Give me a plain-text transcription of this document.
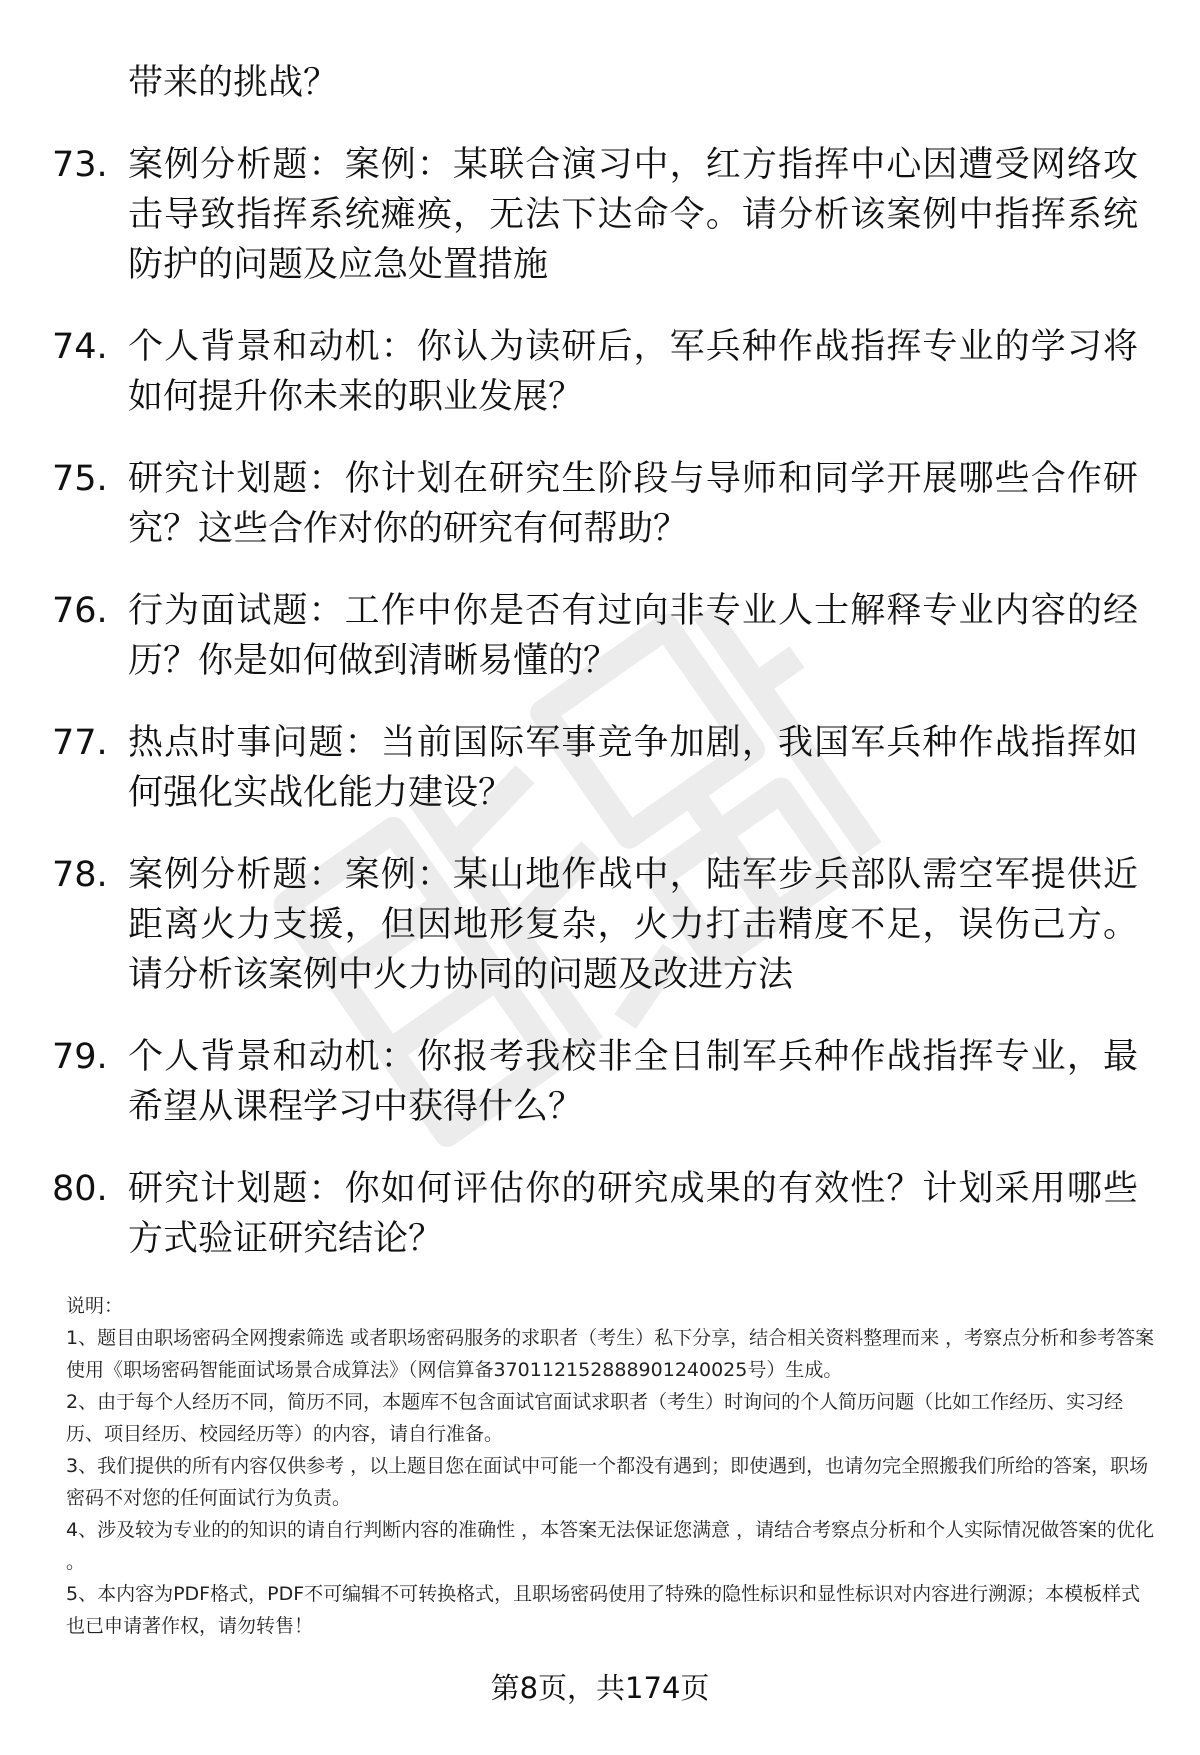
带来的挑战？

73. 案例分析题：案例：某联合演习中，红方指挥中心因遭受网络攻击导致指挥系统瘫痪，无法下达命令。请分析该案例中指挥系统防护的问题及应急处置措施
74. 个人背景和动机：你认为读研后，军兵种作战指挥专业的学习将如何提升你未来的职业发展？
75. 研究计划题：你计划在研究生阶段与导师和同学开展哪些合作研究？这些合作对你的研究有何帮助？
76. 行为面试题：工作中你是否有过向非专业人士解释专业内容的经历？你是如何做到清晰易懂的？
77. 热点时事问题：当前国际军事竞争加剧，我国军兵种作战指挥如何强化实战化能力建设？
78. 案例分析题：案例：某山地作战中，陆军步兵部队需空军提供近距离火力支援，但因地形复杂，火力打击精度不足，误伤己方。请分析该案例中火力协同的问题及改进方法
79. 个人背景和动机：你报考我校非全日制军兵种作战指挥专业，最希望从课程学习中获得什么？
80. 研究计划题：你如何评估你的研究成果的有效性？计划采用哪些方式验证研究结论？

说明：

1、题目由职场密码全网搜索筛选 或者职场密码服务的求职者（考生）私下分享，结合相关资料整理而来 ，考察点分析和参考答案使用《职场密码智能面试场景合成算法》（网信算备370112152888901240025号）生成。

2、由于每个人经历不同，简历不同，本题库不包含面试官面试求职者（考生）时询问的个人简历问题（比如工作经历、实习经历、项目经历、校园经历等）的内容，请自行准备。

3、我们提供的所有内容仅供参考 ，以上题目您在面试中可能一个都没有遇到；即使遇到，也请勿完全照搬我们所给的答案，职场密码不对您的任何面试行为负责。

4、涉及较为专业的的知识的请自行判断内容的准确性 ，本答案无法保证您满意 ，请结合考察点分析和个人实际情况做答案的优化 。

5、本内容为PDF格式，PDF不可编辑不可转换格式，且职场密码使用了特殊的隐性标识和显性标识对内容进行溯源；本模板样式也已申请著作权，请勿转售！

第8页，共174页
